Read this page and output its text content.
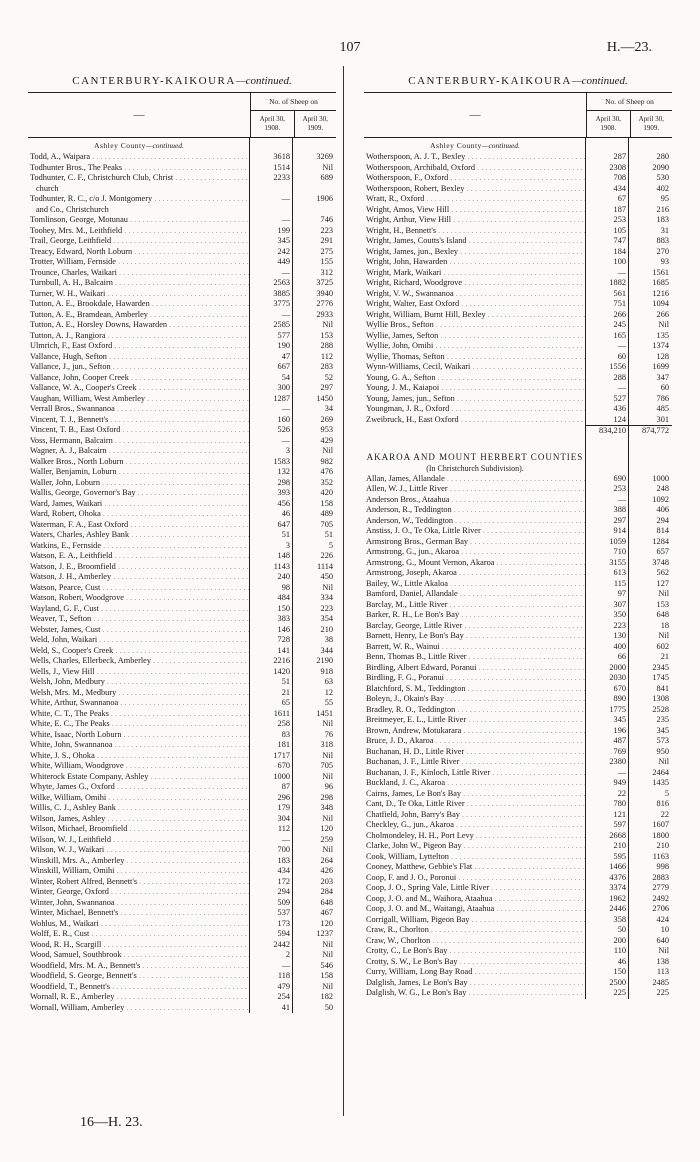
107	H.—23.
CANTERBURY-KAIKOURA—continued.
—
No. of Sheep on
April 30, 1908.
April 30, 1909.
Ashley County—continued.
Todd, A., Waipara . . .	3618	3269
Todhunter Bros., The Peaks . . .	1514	Nil
Todhunter, C. F., Christchurch Club, Christ . . .	2233	689
church
Todhunter, R. C., c/o J. Montgomery . . .	—	1906
and Co., Christchurch
Tomlinson, George, Motunau . . .	—	746
Toohey, Mrs. M., Leithfield . . .	199	223
Trail, George, Leithfield . . .	345	291
Treacy, Edward, North Loburn . . .	242	275
Trotter, William, Fernside . . .	449	155
Trounce, Charles, Waikari . . .	—	312
Turnbull, A. H., Balcairn . . .	2563	3725
Turner, W. H., Waikari . . .	3885	3940
Tutton, A. E., Brookdale, Hawarden . . .	3775	2776
Tutton, A. E., Bramdean, Amberley . . .	—	2933
Tutton, A. E., Horsley Downs, Hawarden . . .	2585	Nil
Tutton, A. J., Rangiora . . .	577	153
Ulmrich, F., East Oxford . . .	190	288
Vallance, Hugh, Sefton . . .	47	112
Vallance, J., jun., Sefton . . .	667	283
Vallance, John, Cooper Creek . . .	54	52
Vallance, W. A., Cooper's Creek . . .	300	297
Vaughan, William, West Amberley . . .	1287	1450
Verrall Bros., Swannanoa . . .	—	34
Vincent, T. J., Bennett's . . .	160	269
Vincent, T. B., East Oxford . . .	526	953
Voss, Hermann, Balcairn . . .	—	429
Wagner, A. J., Balcairn . . .	3	Nil
Walker Bros., North Loburn . . .	1583	982
Waller, Benjamin, Loburn . . .	132	476
Waller, John, Loburn . . .	298	352
Wallis, George, Governor's Bay . . .	393	420
Ward, James, Waikari . . .	456	158
Ward, Robert, Ohoka . . .	46	489
Waterman, F. A., East Oxford . . .	647	705
Waters, Charles, Ashley Bank . . .	51	51
Watkins, E., Fernside . . .	3	5
Watson, E. A., Leithfield . . .	148	226
Watson, J. E., Broomfield . . .	1143	1114
Watson, J. H., Amberley . . .	240	450
Watson, Pearce, Cust . . .	98	Nil
Watson, Robert, Woodgrove . . .	484	334
Wayland, G. F., Cust . . .	150	223
Weaver, T., Sefton . . .	383	354
Webster, James, Cust . . .	146	210
Weld, John, Waikari . . .	728	38
Weld, S., Cooper's Creek . . .	141	344
Wells, Charles, Ellerbeck, Amberley . . .	2216	2190
Wells, J., View Hill . . .	1420	918
Welsh, John, Medbury . . .	51	63
Welsh, Mrs. M., Medbury . . .	21	12
White, Arthur, Swannanoa . . .	65	55
White, C. T., The Peaks . . .	1611	1451
White, E. C., The Peaks . . .	258	Nil
White, Isaac, North Loburn . . .	83	76
White, John, Swannanoa . . .	181	318
White, J. S., Ohoka . . .	1717	Nil
White, William, Woodgrove . . .	670	705
Whiterock Estate Company, Ashley . . .	1000	Nil
Whyte, James G., Oxford . . .	87	96
Wilke, William, Omihi . . .	296	298
Willis, C. J., Ashley Bank . . .	179	348
Wilson, James, Ashley . . .	304	Nil
Wilson, Michael, Broomfield . . .	112	120
Wilson, W. J., Leithfield . . .	—	259
Wilson, W. J., Waikari . . .	700	Nil
Winskill, Mrs. A., Amberley . . .	183	264
Winskill, William, Omihi . . .	434	426
Winter, Robert Alfred, Bennett's . . .	172	203
Winter, George, Oxford . . .	294	284
Winter, John, Swannanoa . . .	509	648
Winter, Michael, Bennett's . . .	537	467
Wohlus, M., Waikari . . .	173	120
Wolff, E. R., Cust . . .	594	1237
Wood, R. H., Scargill . . .	2442	Nil
Wood, Samuel, Southbrook . . .	2	Nil
Woodfield, Mrs. M. A., Bennett's . . .	—	546
Woodfield, S. George, Bennett's . . .	118	158
Woodfield, T., Bennett's . . .	479	Nil
Wornall, R. E., Amberley . . .	254	182
Wornall, William, Amberley . . .	41	50
CANTERBURY-KAIKOURA—continued.
—
No. of Sheep on
April 30, 1908.
April 30, 1909.
Ashley County—continued.
Wotherspoon, A. J. T., Bexley . . .	287	280
Wotherspoon, Archibald, Oxford . . .	2308	2090
Wotherspoon, F., Oxford . . .	708	530
Wotherspoon, Robert, Bexley . . .	434	402
Wratt, R., Oxford . . .	67	95
Wright, Amos, View Hill . . .	187	216
Wright, Arthur, View Hill . . .	253	183
Wright, H., Bennett's . . .	105	31
Wright, James, Coutts's Island . . .	747	883
Wright, James, jun., Bexley . . .	184	270
Wright, John, Hawarden . . .	100	93
Wright, Mark, Waikari . . .	—	1561
Wright, Richard, Woodgrove . . .	1882	1685
Wright, V. W., Swannanoa . . .	561	1216
Wright, Walter, East Oxford . . .	751	1094
Wright, William, Burnt Hill, Bexley . . .	266	266
Wyllie Bros., Sefton . . .	245	Nil
Wyllie, James, Sefton . . .	165	135
Wyllie, John, Omihi . . .	—	1374
Wyllie, Thomas, Sefton . . .	60	128
Wynn-Williams, Cecil, Waikari . . .	1556	1699
Young, G. A., Sefton . . .	288	347
Young, J. M., Kaiapoi . . .	—	60
Young, James, jun., Sefton . . .	527	786
Youngman, J. R., Oxford . . .	436	485
Zweibruck, H., East Oxford . . .	124	301
834,210	874,772
AKAROA AND MOUNT HERBERT COUNTIES
(In Christchurch Subdivision).
Allan, James, Allandale . . .	690	1000
Allen, W. J., Little River . . .	253	248
Anderson Bros., Ataahua . . .	—	1092
Anderson, R., Teddington . . .	388	406
Anderson, W., Teddington . . .	297	294
Anstiss, J. O., Te Oka, Little River . . .	914	814
Armstrong Bros., German Bay . . .	1059	1284
Armstrong, G., jun., Akaroa . . .	710	657
Armstrong, G., Mount Vernon, Akaroa . . .	3155	3748
Armstrong, Joseph, Akaroa . . .	613	562
Bailey, W., Little Akaloa . . .	115	127
Bamford, Daniel, Allandale . . .	97	Nil
Barclay, M., Little River . . .	307	153
Barker, R. H., Le Bon's Bay . . .	350	648
Barclay, George, Little River . . .	223	18
Barnett, Henry, Le Bon's Bay . . .	130	Nil
Barrett, W. R., Wainui . . .	400	602
Benn, Thomas B., Little River . . .	66	21
Birdling, Albert Edward, Poranui . . .	2000	2345
Birdling, F. G., Poranui . . .	2030	1745
Blatchford, S. M., Teddington . . .	670	841
Boleyn, J., Okain's Bay . . .	890	1308
Bradley, R. O., Teddington . . .	1775	2528
Breitmeyer, E. L., Little River . . .	345	235
Brown, Andrew, Motukarara . . .	196	345
Bruce, J. D., Akaroa . . .	487	573
Buchanan, H. D., Little River . . .	769	950
Buchanan, J. F., Little River . . .	2380	Nil
Buchanan, J. F., Kinloch, Little River . . .	—	2464
Buckland, J. C., Akaroa . . .	949	1435
Cairns, James, Le Bon's Bay . . .	22	5
Cant, D., Te Oka, Little River . . .	780	816
Chatfield, John, Barry's Bay . . .	121	22
Checkley, G., jun., Akaroa . . .	597	1607
Cholmondeley, H. H., Port Levy . . .	2668	1800
Clarke, John W., Pigeon Bay . . .	210	210
Cook, William, Lyttelton . . .	595	1163
Cooney, Matthew, Gebbie's Flat . . .	1466	998
Coop, F. and J. O., Poronui . . .	4376	2883
Coop, J. O., Spring Vale, Little River . . .	3374	2779
Coop, J. O. and M., Waihora, Ataahua . . .	1962	2492
Coop, J. O. and M., Waitangi, Ataahua . . .	2446	2706
Corrigall, William, Pigeon Bay . . .	358	424
Craw, R., Chorlton . . .	50	10
Craw, W., Chorlton . . .	200	640
Crotty, C., Le Bon's Bay . . .	110	Nil
Crotty, S. W., Le Bon's Bay . . .	46	138
Curry, William, Long Bay Road . . .	150	113
Dalglish, James, Le Bon's Bay . . .	2500	2485
Dalglish, W. G., Le Bon's Bay . . .	225	225
16—H. 23.
